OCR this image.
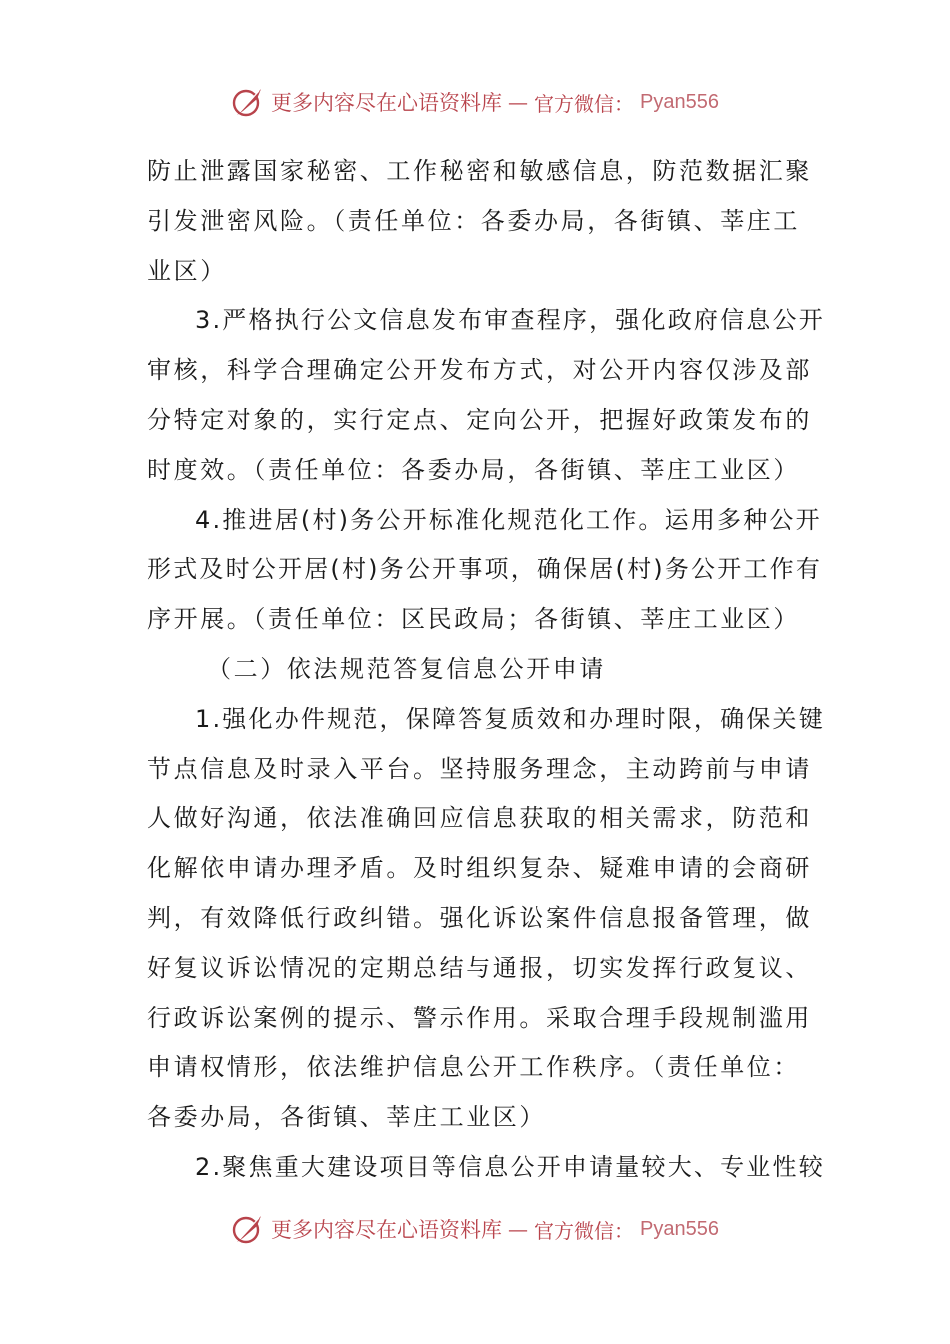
更多内容尽在心语资料库 — 官方微信： Pyan556
防止泄露国家秘密、工作秘密和敏感信息，防范数据汇聚
引发泄密风险。（责任单位：各委办局，各街镇、莘庄工
业区）
3.严格执行公文信息发布审查程序，强化政府信息公开
审核，科学合理确定公开发布方式，对公开内容仅涉及部
分特定对象的，实行定点、定向公开，把握好政策发布的
时度效。（责任单位：各委办局，各街镇、莘庄工业区）
4.推进居(村)务公开标准化规范化工作。运用多种公开
形式及时公开居(村)务公开事项，确保居(村)务公开工作有
序开展。（责任单位：区民政局；各街镇、莘庄工业区）
（二）依法规范答复信息公开申请
1.强化办件规范，保障答复质效和办理时限，确保关键
节点信息及时录入平台。坚持服务理念，主动跨前与申请
人做好沟通，依法准确回应信息获取的相关需求，防范和
化解依申请办理矛盾。及时组织复杂、疑难申请的会商研
判，有效降低行政纠错。强化诉讼案件信息报备管理，做
好复议诉讼情况的定期总结与通报，切实发挥行政复议、
行政诉讼案例的提示、警示作用。采取合理手段规制滥用
申请权情形，依法维护信息公开工作秩序。（责任单位：
各委办局，各街镇、莘庄工业区）
2.聚焦重大建设项目等信息公开申请量较大、专业性较
更多内容尽在心语资料库 — 官方微信： Pyan556
